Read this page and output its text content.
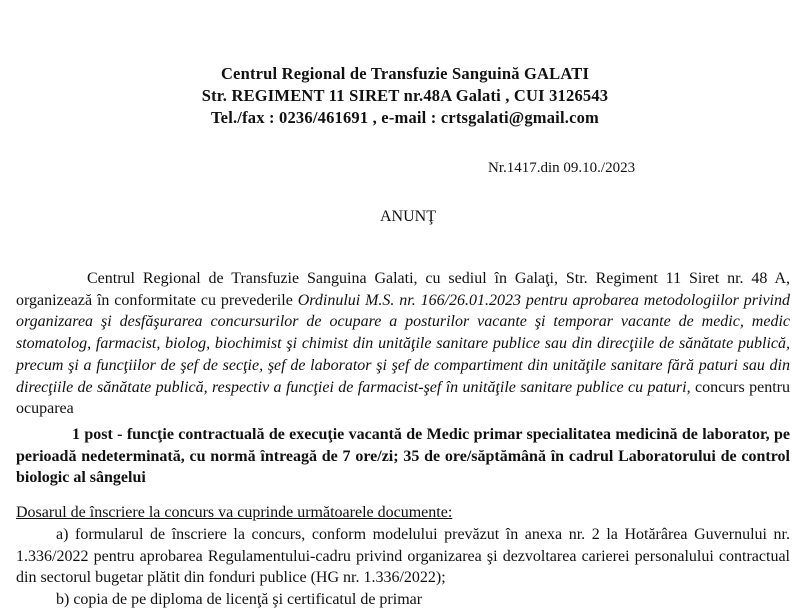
Centrul Regional de Transfuzie Sanguină GALATI
Str. REGIMENT 11 SIRET nr.48A Galati , CUI 3126543
Tel./fax : 0236/461691 , e-mail : crtsgalati@gmail.com
Nr.1417.din 09.10./2023
ANUNŢ
Centrul Regional de Transfuzie Sanguina Galati, cu sediul în Galaţi, Str. Regiment 11 Siret nr. 48 A, organizează în conformitate cu prevederile Ordinului M.S. nr. 166/26.01.2023 pentru aprobarea metodologiilor privind organizarea şi desfăşurarea concursurilor de ocupare a posturilor vacante şi temporar vacante de medic, medic stomatolog, farmacist, biolog, biochimist şi chimist din unităţile sanitare publice sau din direcţiile de sănătate publică, precum şi a funcţiilor de şef de secţie, şef de laborator şi şef de compartiment din unităţile sanitare fără paturi sau din direcţiile de sănătate publică, respectiv a funcţiei de farmacist-şef în unităţile sanitare publice cu paturi, concurs pentru ocuparea
1 post - funcţie contractuală de execuţie vacantă de Medic primar specialitatea medicină de laborator, pe perioadă nedeterminată, cu normă întreagă de 7 ore/zi; 35 de ore/săptămână în cadrul Laboratorului de control biologic al sângelui
Dosarul de înscriere la concurs va cuprinde următoarele documente:
a) formularul de înscriere la concurs, conform modelului prevăzut în anexa nr. 2 la Hotărârea Guvernului nr. 1.336/2022 pentru aprobarea Regulamentului-cadru privind organizarea şi dezvoltarea carierei personalului contractual din sectorul bugetar plătit din fonduri publice (HG nr. 1.336/2022);
b) copia de pe diploma de licenţă şi certificatul de primar
